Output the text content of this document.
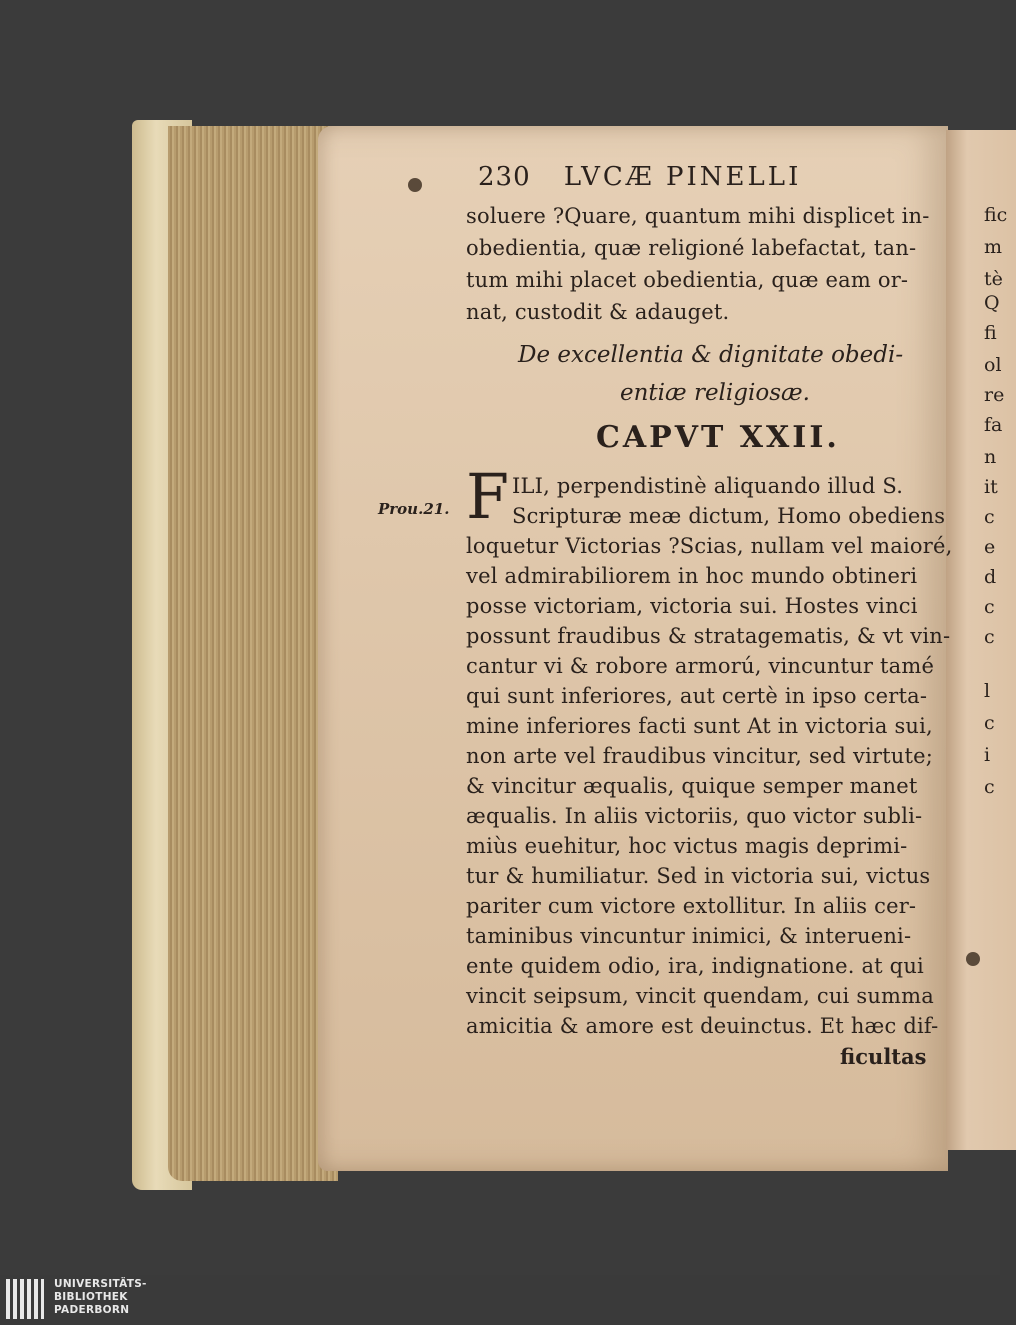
230 LVCÆ PINELLI
soluere ?Quare, quantum mihi displicet in-
obedientia, quæ religioné labefactat, tan-
tum mihi placet obedientia, quæ eam or-
nat, custodit & adauget.
De excellentia & dignitate obedi-
entiæ religiosæ.
CAPVT XXII.
F
Prou.21.
ILI, perpendistinè aliquando illud S.
Scripturæ meæ dictum, Homo obediens
loquetur Victorias ?Scias, nullam vel maioré,
vel admirabiliorem in hoc mundo obtineri
posse victoriam, victoria sui. Hostes vinci
possunt fraudibus & stratagematis, & vt vin-
cantur vi & robore armorú, vincuntur tamé
qui sunt inferiores, aut certè in ipso certa-
mine inferiores facti sunt At in victoria sui,
non arte vel fraudibus vincitur, sed virtute;
& vincitur æqualis, quique semper manet
æqualis. In aliis victoriis, quo victor subli-
miùs euehitur, hoc victus magis deprimi-
tur & humiliatur. Sed in victoria sui, victus
pariter cum victore extollitur. In aliis cer-
taminibus vincuntur inimici, & interueni-
ente quidem odio, ira, indignatione. at qui
vincit seipsum, vincit quendam, cui summa
amicitia & amore est deuinctus. Et hæc dif-
ficultas
fic
m
tè
Q
fi
ol
re
fa
n
it
c
e
d
c
c
l
c
i
c
UNIVERSITÄTS-
BIBLIOTHEK
PADERBORN
